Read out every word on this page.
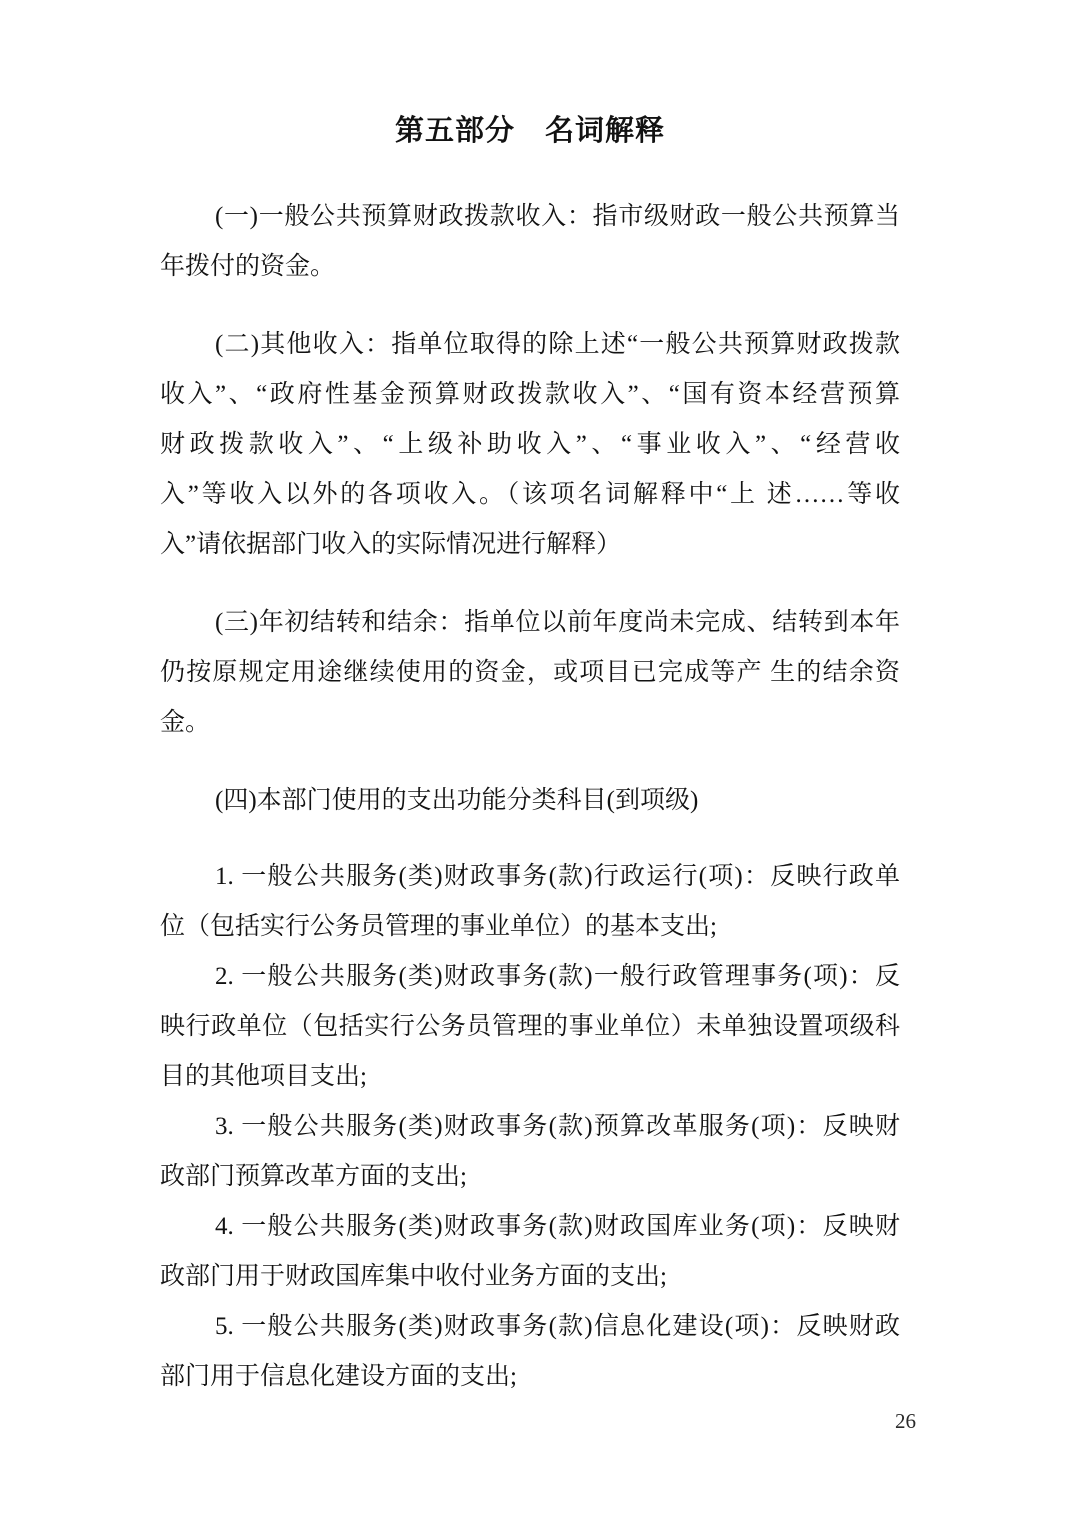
第五部分　名词解释

(一)一般公共预算财政拨款收入：指市级财政一般公共预算当
年拨付的资金。

(二)其他收入：指单位取得的除上述“一般公共预算财政拨款
收入”、“政府性基金预算财政拨款收入”、“国有资本经营预算
财政拨款收入”、“上级补助收入”、“事业收入”、“经营收
入”等收入以外的各项收入。（该项名词解释中“上 述……等收
入”请依据部门收入的实际情况进行解释）

(三)年初结转和结余：指单位以前年度尚未完成、结转到本年
仍按原规定用途继续使用的资金，或项目已完成等产 生的结余资
金。

(四)本部门使用的支出功能分类科目(到项级)

1. 一般公共服务(类)财政事务(款)行政运行(项)：反映行政单
位（包括实行公务员管理的事业单位）的基本支出;

2. 一般公共服务(类)财政事务(款)一般行政管理事务(项)：反
映行政单位（包括实行公务员管理的事业单位）未单独设置项级科
目的其他项目支出;

3. 一般公共服务(类)财政事务(款)预算改革服务(项)：反映财
政部门预算改革方面的支出;

4. 一般公共服务(类)财政事务(款)财政国库业务(项)：反映财
政部门用于财政国库集中收付业务方面的支出;

5. 一般公共服务(类)财政事务(款)信息化建设(项)：反映财政
部门用于信息化建设方面的支出;

26
